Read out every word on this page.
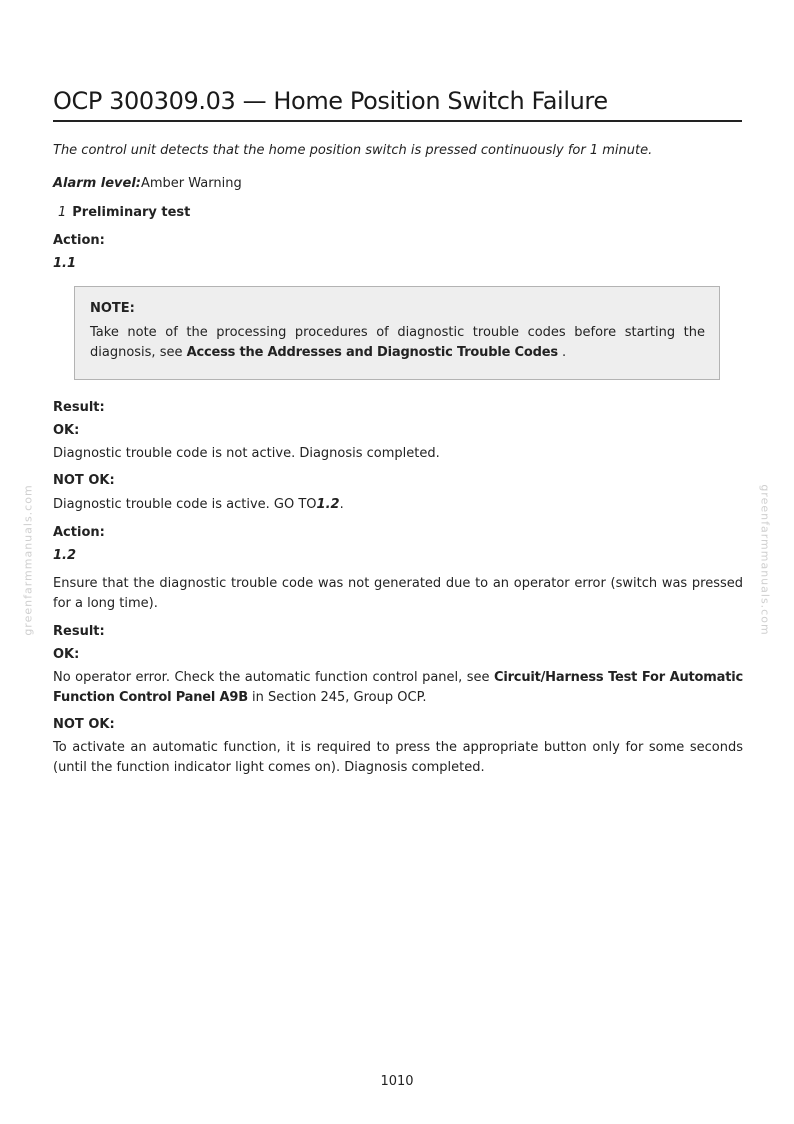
OCP 300309.03 — Home Position Switch Failure
The control unit detects that the home position switch is pressed continuously for 1 minute.
Alarm level:Amber Warning
1 Preliminary test
Action:
1.1
NOTE:
Take note of the processing procedures of diagnostic trouble codes before starting the diagnosis, see Access the Addresses and Diagnostic Trouble Codes .
Result:
OK:
Diagnostic trouble code is not active. Diagnosis completed.
NOT OK:
Diagnostic trouble code is active. GO TO1.2.
Action:
1.2
Ensure that the diagnostic trouble code was not generated due to an operator error (switch was pressed for a long time).
Result:
OK:
No operator error. Check the automatic function control panel, see Circuit/Harness Test For Automatic Function Control Panel A9B in Section 245, Group OCP.
NOT OK:
To activate an automatic function, it is required to press the appropriate button only for some seconds (until the function indicator light comes on). Diagnosis completed.
greenfarmmanuals.com	greenfarmmanuals.com
1010
